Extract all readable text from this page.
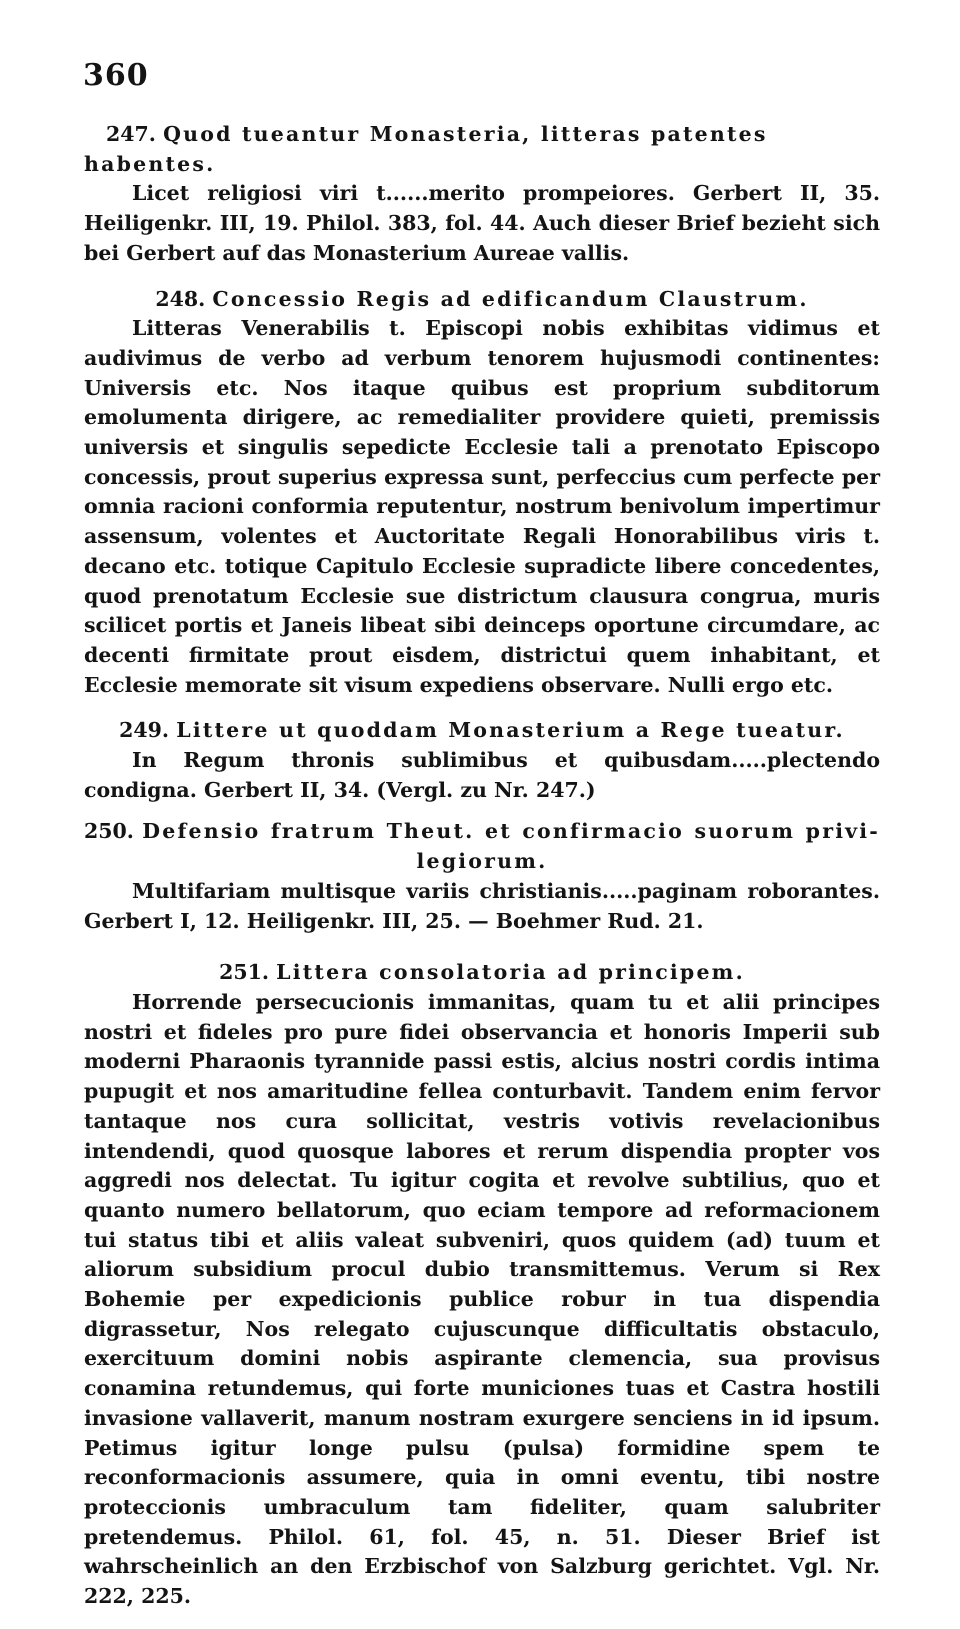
360

247. Quod tueantur Monasteria, litteras patentes habentes.

Licet religiosi viri t......merito prompeiores. Gerbert II, 35. Heiligenkr. III, 19. Philol. 383, fol. 44. Auch dieser Brief bezieht sich bei Gerbert auf das Monasterium Aureae vallis.

248. Concessio Regis ad edificandum Claustrum.

Litteras Venerabilis t. Episcopi nobis exhibitas vidimus et audivimus de verbo ad verbum tenorem hujusmodi continentes: Universis etc. Nos itaque quibus est proprium subditorum emolumenta dirigere, ac remedialiter providere quieti, premissis universis et singulis sepedicte Ecclesie tali a prenotato Episcopo concessis, prout superius expressa sunt, perfeccius cum perfecte per omnia racioni conformia reputentur, nostrum benivolum impertimur assensum, volentes et Auctoritate Regali Honorabilibus viris t. decano etc. totique Capitulo Ecclesie supradicte libere concedentes, quod prenotatum Ecclesie sue districtum clausura congrua, muris scilicet portis et Janeis libeat sibi deinceps oportune circumdare, ac decenti firmitate prout eisdem, districtui quem inhabitant, et Ecclesie memorate sit visum expediens observare. Nulli ergo etc.

249. Littere ut quoddam Monasterium a Rege tueatur.

In Regum thronis sublimibus et quibusdam.....plectendo condigna. Gerbert II, 34. (Vergl. zu Nr. 247.)

250. Defensio fratrum Theut. et confirmacio suorum privi-

legiorum.

Multifariam multisque variis christianis.....paginam roborantes. Gerbert I, 12. Heiligenkr. III, 25. — Boehmer Rud. 21.

251. Littera consolatoria ad principem.

Horrende persecucionis immanitas, quam tu et alii principes nostri et fideles pro pure fidei observancia et honoris Imperii sub moderni Pharaonis tyrannide passi estis, alcius nostri cordis intima pupugit et nos amaritudine fellea conturbavit. Tandem enim fervor tantaque nos cura sollicitat, vestris votivis revelacionibus intendendi, quod quosque labores et rerum dispendia propter vos aggredi nos delectat. Tu igitur cogita et revolve subtilius, quo et quanto numero bellatorum, quo eciam tempore ad reformacionem tui status tibi et aliis valeat subveniri, quos quidem (ad) tuum et aliorum subsidium procul dubio transmittemus. Verum si Rex Bohemie per expedicionis publice robur in tua dispendia digrassetur, Nos relegato cujuscunque difficultatis obstaculo, exercituum domini nobis aspirante clemencia, sua provisus conamina retundemus, qui forte municiones tuas et Castra hostili invasione vallaverit, manum nostram exurgere senciens in id ipsum. Petimus igitur longe pulsu (pulsa) formidine spem te reconformacionis assumere, quia in omni eventu, tibi nostre proteccionis umbraculum tam fideliter, quam salubriter pretendemus. Philol. 61, fol. 45, n. 51. Dieser Brief ist wahrscheinlich an den Erzbischof von Salzburg gerichtet. Vgl. Nr. 222, 225.
